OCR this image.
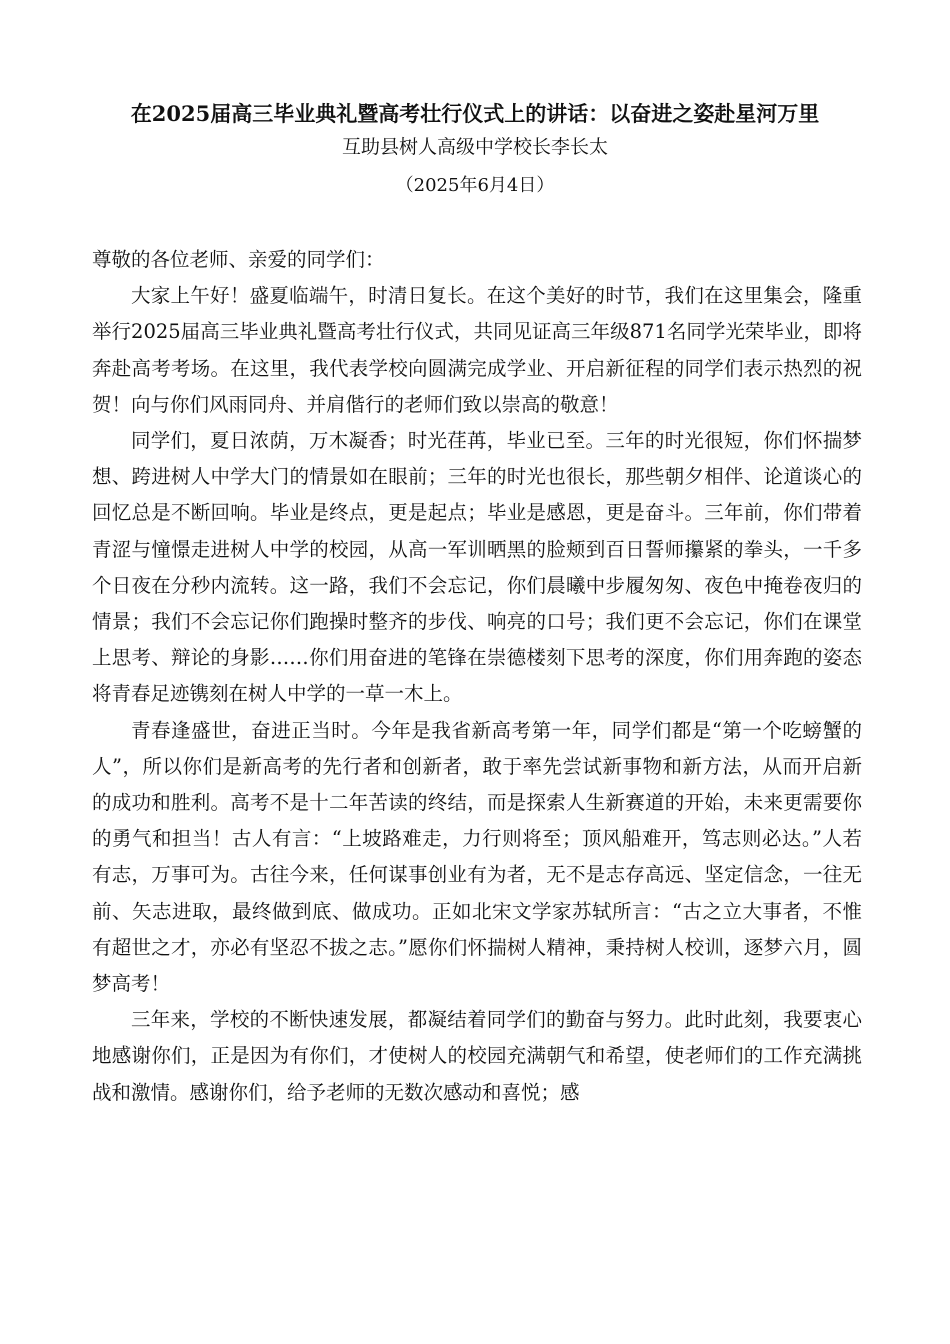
在2025届高三毕业典礼暨高考壮行仪式上的讲话：以奋进之姿赴星河万里
互助县树人高级中学校长李长太
（2025年6月4日）

尊敬的各位老师、亲爱的同学们：

大家上午好！盛夏临端午，时清日复长。在这个美好的时节，我们在这里集会，隆重举行2025届高三毕业典礼暨高考壮行仪式，共同见证高三年级871名同学光荣毕业，即将奔赴高考考场。在这里，我代表学校向圆满完成学业、开启新征程的同学们表示热烈的祝贺！向与你们风雨同舟、并肩偕行的老师们致以崇高的敬意！

同学们，夏日浓荫，万木凝香；时光荏苒，毕业已至。三年的时光很短，你们怀揣梦想、跨进树人中学大门的情景如在眼前；三年的时光也很长，那些朝夕相伴、论道谈心的回忆总是不断回响。毕业是终点，更是起点；毕业是感恩，更是奋斗。三年前，你们带着青涩与憧憬走进树人中学的校园，从高一军训晒黑的脸颊到百日誓师攥紧的拳头，一千多个日夜在分秒内流转。这一路，我们不会忘记，你们晨曦中步履匆匆、夜色中掩卷夜归的情景；我们不会忘记你们跑操时整齐的步伐、响亮的口号；我们更不会忘记，你们在课堂上思考、辩论的身影……你们用奋进的笔锋在崇德楼刻下思考的深度，你们用奔跑的姿态将青春足迹镌刻在树人中学的一草一木上。

青春逢盛世，奋进正当时。今年是我省新高考第一年，同学们都是“第一个吃螃蟹的人”，所以你们是新高考的先行者和创新者，敢于率先尝试新事物和新方法，从而开启新的成功和胜利。高考不是十二年苦读的终结，而是探索人生新赛道的开始，未来更需要你的勇气和担当！古人有言：“上坡路难走，力行则将至；顶风船难开，笃志则必达。”人若有志，万事可为。古往今来，任何谋事创业有为者，无不是志存高远、坚定信念，一往无前、矢志进取，最终做到底、做成功。正如北宋文学家苏轼所言：“古之立大事者，不惟有超世之才，亦必有坚忍不拔之志。”愿你们怀揣树人精神，秉持树人校训，逐梦六月，圆梦高考！

三年来，学校的不断快速发展，都凝结着同学们的勤奋与努力。此时此刻，我要衷心地感谢你们，正是因为有你们，才使树人的校园充满朝气和希望，使老师们的工作充满挑战和激情。感谢你们，给予老师的无数次感动和喜悦；感
